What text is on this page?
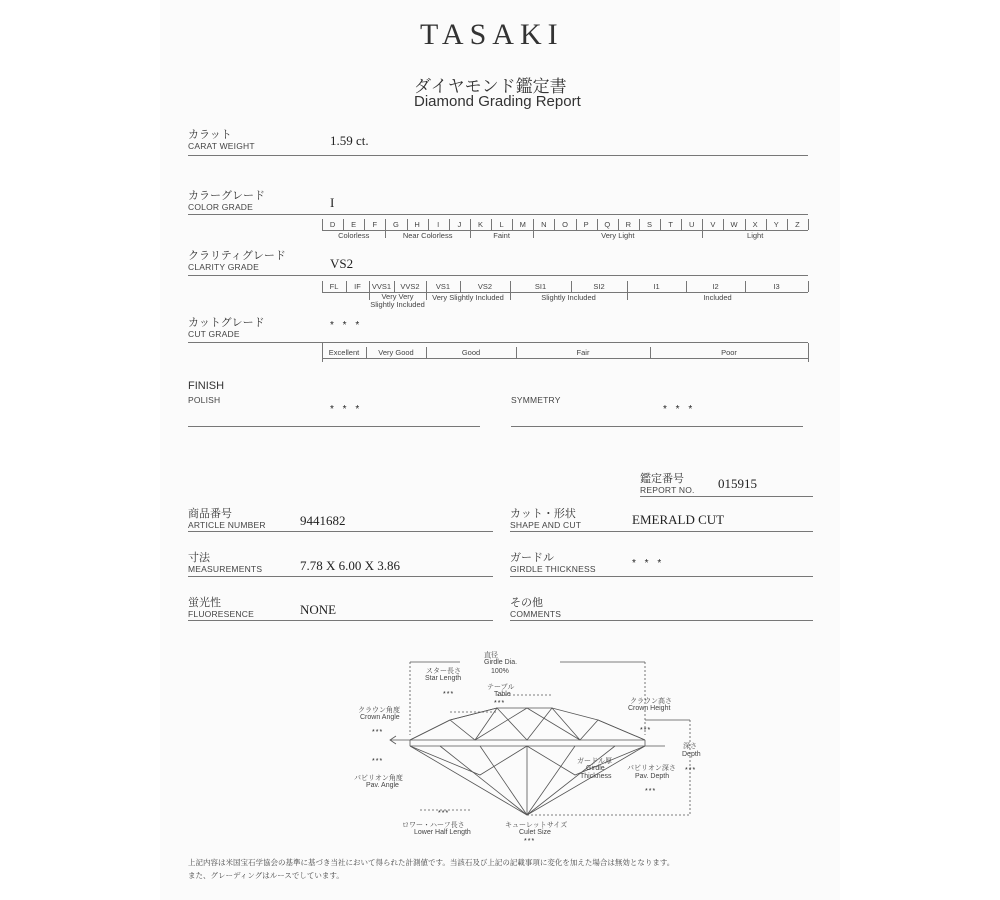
TASAKI
ダイヤモンド鑑定書
Diamond Grading Report
カラット
CARAT WEIGHT	1.59 ct.
カラーグレード
COLOR GRADE	I
クラリティグレード
CLARITY GRADE	VS2
カットグレード
CUT GRADE
* * *
FINISH
POLISH
* * *
SYMMETRY
* * *
鑑定番号
REPORT NO. 015915
商品番号
ARTICLE NUMBER	9441682	カット・形状
SHAPE AND CUT	EMERALD CUT
寸法
MEASUREMENTS	7.78 X 6.00 X 3.86	ガードル
GIRDLE THICKNESS	* * *
蛍光性
FLUORESENCE	NONE	その他
COMMENTS
直径
Girdle Dia.
100%
スター長さ
Star Length
***
テーブル
Table
***
クラウン角度
Crown Angle
***
***
パビリオン角度
Pav. Angle
クラウン高さ
Crown Height
***
深さ
Depth
***
ガードル厚
Girdle
Thickness
パビリオン深さ
Pav. Depth
***
***
ロワー・ハーフ長さ
Lower Half Length
キューレットサイズ
Culet Size
***
上記内容は米国宝石学協会の基準に基づき当社において得られた計測値です。当該石及び上記の記載事項に変化を加えた場合は無効となります。
また、グレーディングはルースでしています。
D	E	F	G	H	I	J	K	L	M	N	O	P	Q	R	S	T	U	V	W	X	Y	Z
Colorless	Near Colorless	Faint	Very Light	Light
FL	IF	VVS1	VVS2	VS1	VS2	SI1	SI2	I1	I2	I3
Very Very Slightly Included
Very Slightly Included	Slightly Included	Included
Excellent	Very Good	Good	Fair	Poor
